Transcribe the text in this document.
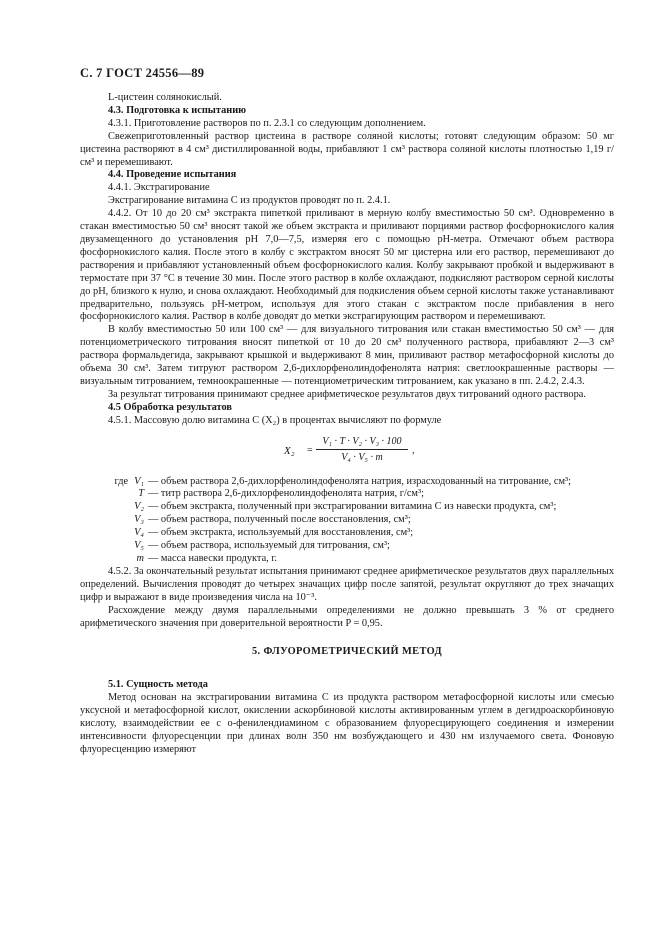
С. 7 ГОСТ 24556—89

L-цистеин солянокислый.

4.3. Подготовка к испытанию

4.3.1. Приготовление растворов по п. 2.3.1 со следующим дополнением.

Свежеприготовленный раствор цистеина в растворе соляной кислоты; готовят следующим образом: 50 мг цистеина растворяют в 4 см³ дистиллированной воды, прибавляют 1 см³ раствора соляной кислоты плотностью 1,19 г/см³ и перемешивают.

4.4. Проведение испытания

4.4.1. Экстрагирование

Экстрагирование витамина С из продуктов проводят по п. 2.4.1.

4.4.2. От 10 до 20 см³ экстракта пипеткой приливают в мерную колбу вместимостью 50 см³. Одновременно в стакан вместимостью 50 см³ вносят такой же объем экстракта и приливают порциями раствор фосфорнокислого калия двузамещенного до установления pH 7,0—7,5, измеряя его с помощью pH-метра. Отмечают объем раствора фосфорнокислого калия. После этого в колбу с экстрактом вносят 50 мг цистерна или его раствор, перемешивают до растворения и прибавляют установленный объем фосфорнокислого калия. Колбу закрывают пробкой и выдерживают в термостате при 37 °С в течение 30 мин. После этого раствор в колбе охлаждают, подкисляют раствором серной кислоты до pH, близкого к нулю, и снова охлаждают. Необходимый для подкисления объем серной кислоты также устанавливают предварительно, пользуясь pH-метром, используя для этого стакан с экстрактом после прибавления в него фосфорнокислого калия. Раствор в колбе доводят до метки экстрагирующим раствором и перемешивают.

В колбу вместимостью 50 или 100 см³ — для визуального титрования или стакан вместимостью 50 см³ — для потенциометрического титрования вносят пипеткой от 10 до 20 см³ полученного раствора, прибавляют 2—3 см³ раствора формальдегида, закрывают крышкой и выдерживают 8 мин, приливают раствор метафосфорной кислоты до объема 30 см³. Затем титруют раствором 2,6-дихлорфенолиндофенолята натрия: светлоокрашенные растворы — визуальным титрованием, темноокрашенные — потенциометрическим титрованием, как указано в пп. 2.4.2, 2.4.3.

За результат титрования принимают среднее арифметическое результатов двух титрований одного раствора.

4.5 Обработка результатов

4.5.1. Массовую долю витамина С (X₂) в процентах вычисляют по формуле

X₂ =
V₁ · T · V₂ · V₃ · 100
V₄ · V₅ · m
,
где V₁ — объем раствора 2,6-дихлорфенолиндофенолята натрия, израсходованный на титрование, см³;
T — титр раствора 2,6-дихлорфенолиндофенолята натрия, г/см³;
V₂ — объем экстракта, полученный при экстрагировании витамина С из навески продукта, см³;
V₃ — объем раствора, полученный после восстановления, см³;
V₄ — объем экстракта, используемый для восстановления, см³;
V₅ — объем раствора, используемый для титрования, см³;
m — масса навески продукта, г.

4.5.2. За окончательный результат испытания принимают среднее арифметическое результатов двух параллельных определений. Вычисления проводят до четырех значащих цифр после запятой, результат округляют до трех значащих цифр и выражают в виде произведения числа на 10⁻³.

Расхождение между двумя параллельными определениями не должно превышать 3 % от среднего арифметического значения при доверительной вероятности P = 0,95.

5. ФЛУОРОМЕТРИЧЕСКИЙ МЕТОД

5.1. Сущность метода

Метод основан на экстрагировании витамина С из продукта раствором метафосфорной кислоты или смесью уксусной и метафосфорной кислот, окислении аскорбиновой кислоты активированным углем в дегидроаскорбиновую кислоту, взаимодействии ее с о-фенилендиамином с образованием флуоресцирующего соединения и измерении интенсивности флуоресценции при длинах волн 350 нм возбуждающего и 430 нм излучаемого света. Фоновую флуоресценцию измеряют
